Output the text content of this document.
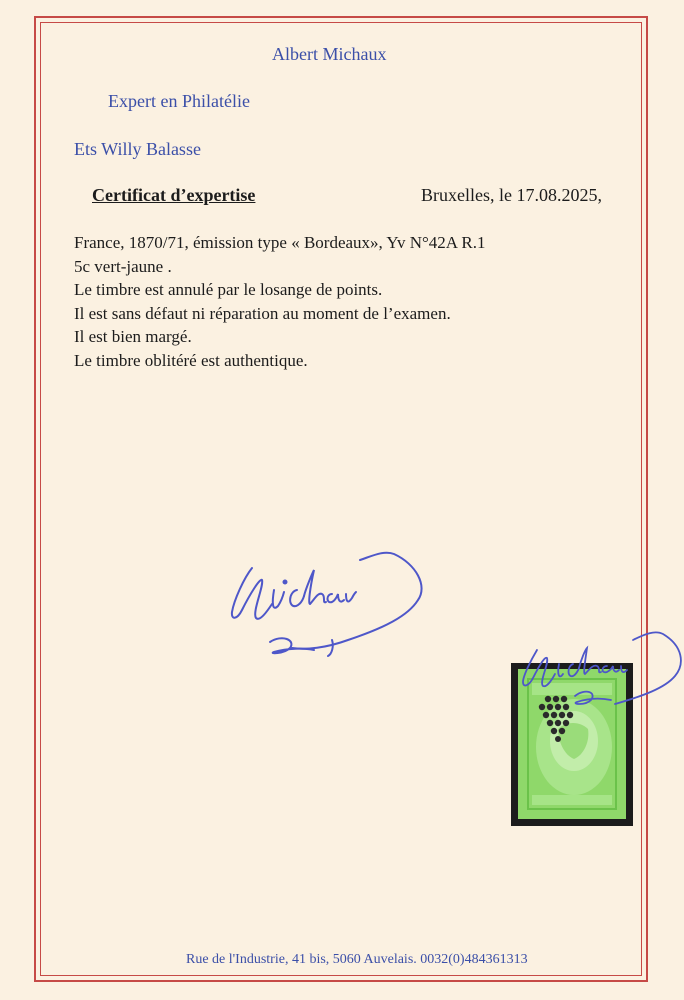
Albert Michaux
Expert en Philatélie
Ets Willy Balasse
Certificat d’expertise	Bruxelles, le 17.08.2025,
France, 1870/71, émission type « Bordeaux», Yv N°42A R.1
5c vert-jaune .
Le timbre est annulé par le losange de points.
Il est sans défaut ni réparation au moment de l’examen.
Il est bien margé.
Le timbre oblitéré est authentique.
Rue de l'Industrie, 41 bis, 5060 Auvelais. 0032(0)484361313
